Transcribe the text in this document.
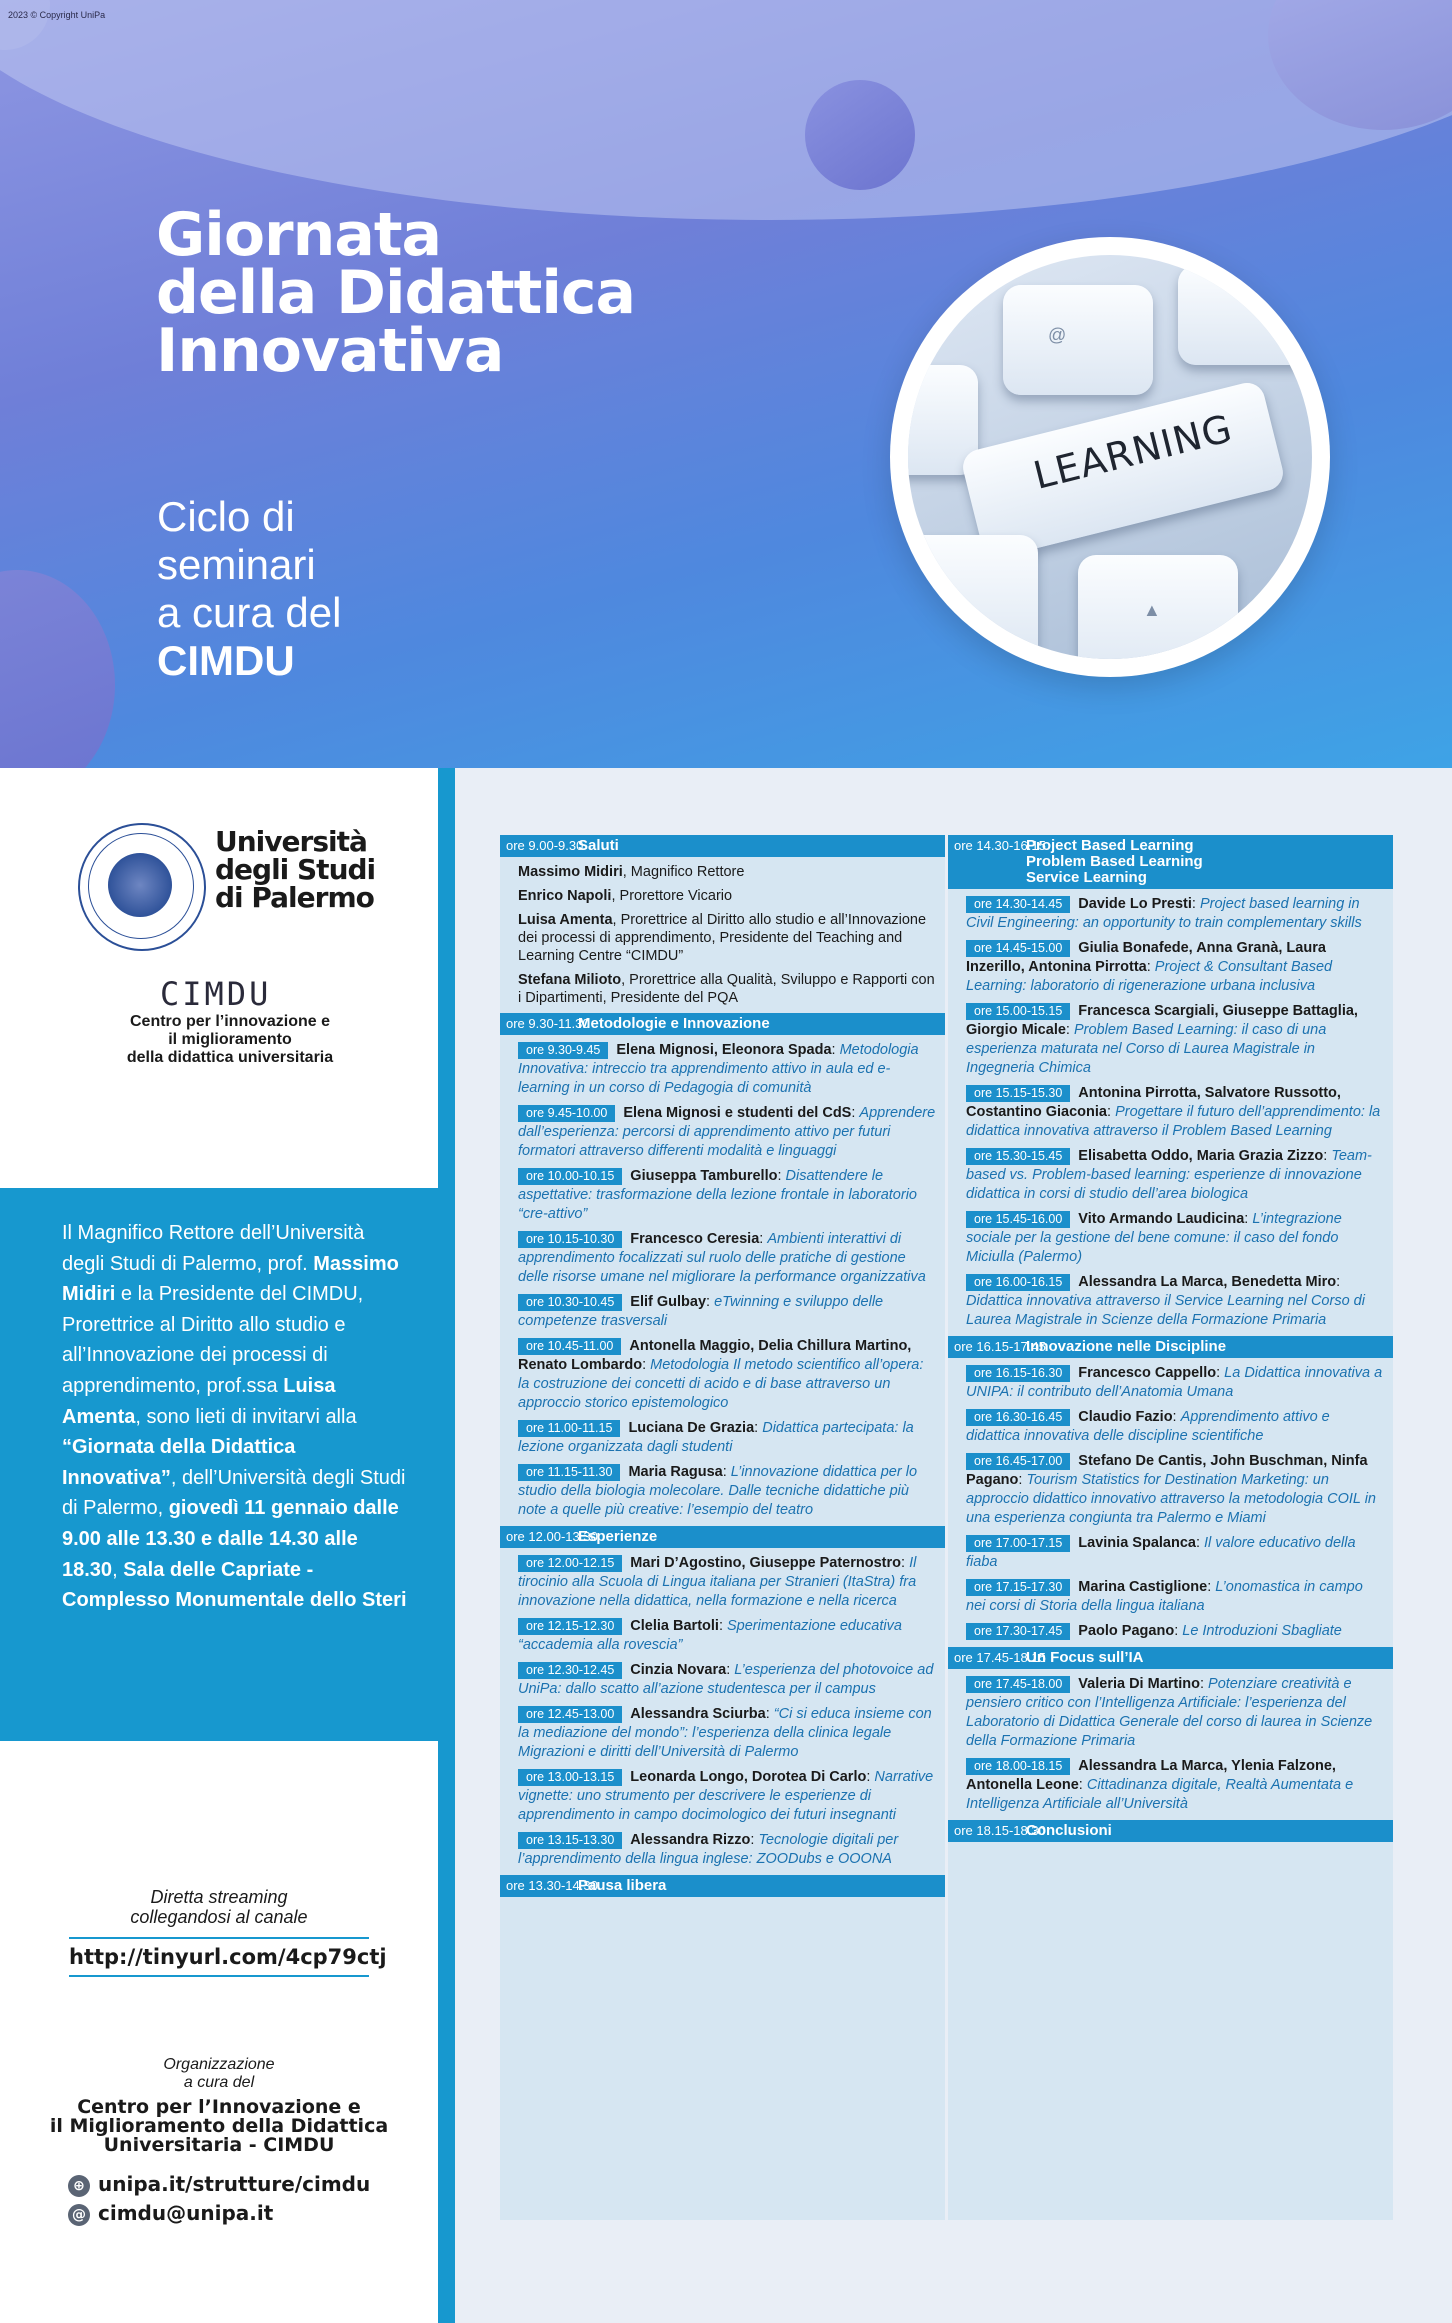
2023 © Copyright UniPa
Giornata
della Didattica
Innovativa
Ciclo di
seminari
a cura del
CIMDU
@
▲
LEARNING
Università
degli Studi
di Palermo
CIMDU
Centro per l’innovazione e
il miglioramento
della didattica universitaria

Il Magnifico Rettore dell’Università degli Studi di Palermo, prof. Massimo Midiri e la Presidente del CIMDU, Prorettrice al Diritto allo studio e all’Innovazione dei processi di apprendimento, prof.ssa Luisa Amenta, sono lieti di invitarvi alla “Giornata della Didattica Innovativa”, dell’Università degli Studi di Palermo, giovedì 11 gennaio dalle 9.00 alle 13.30 e dalle 14.30 alle 18.30, Sala delle Capriate - Complesso Monumentale dello Steri

Diretta streaming
collegandosi al canale
http://tinyurl.com/4cp79ctj
Organizzazione
a cura del
Centro per l’Innovazione e
il Miglioramento della Didattica
Universitaria - CIMDU
⊕ unipa.it/strutture/cimdu
@ cimdu@unipa.it
ore 9.00-9.30
Saluti
Massimo Midiri, Magnifico Rettore
Enrico Napoli, Prorettore Vicario
Luisa Amenta, Prorettrice al Diritto allo studio e all’Innovazione dei processi di apprendimento, Presidente del Teaching and Learning Centre “CIMDU”
Stefana Milioto, Prorettrice alla Qualità, Sviluppo e Rapporti con i Dipartimenti, Presidente del PQA
ore 9.30-11.30
Metodologie e Innovazione
ore 9.30-9.45 Elena Mignosi, Eleonora Spada: Metodologia Innovativa: intreccio tra apprendimento attivo in aula ed e-learning in un corso di Pedagogia di comunità
ore 9.45-10.00 Elena Mignosi e studenti del CdS: Apprendere dall’esperienza: percorsi di apprendimento attivo per futuri formatori attraverso differenti modalità e linguaggi
ore 10.00-10.15 Giuseppa Tamburello: Disattendere le aspettative: trasformazione della lezione frontale in laboratorio “cre-attivo”
ore 10.15-10.30 Francesco Ceresia: Ambienti interattivi di apprendimento focalizzati sul ruolo delle pratiche di gestione delle risorse umane nel migliorare la performance organizzativa
ore 10.30-10.45 Elif Gulbay: eTwinning e sviluppo delle competenze trasversali
ore 10.45-11.00 Antonella Maggio, Delia Chillura Martino, Renato Lombardo: Metodologia Il metodo scientifico all’opera: la costruzione dei concetti di acido e di base attraverso un approccio storico epistemologico
ore 11.00-11.15 Luciana De Grazia: Didattica partecipata: la lezione organizzata dagli studenti
ore 11.15-11.30 Maria Ragusa: L’innovazione didattica per lo studio della biologia molecolare. Dalle tecniche didattiche più note a quelle più creative: l’esempio del teatro
ore 12.00-13.30
Esperienze
ore 12.00-12.15 Mari D’Agostino, Giuseppe Paternostro: Il tirocinio alla Scuola di Lingua italiana per Stranieri (ItaStra) fra innovazione nella didattica, nella formazione e nella ricerca
ore 12.15-12.30 Clelia Bartoli: Sperimentazione educativa “accademia alla rovescia”
ore 12.30-12.45 Cinzia Novara: L’esperienza del photovoice ad UniPa: dallo scatto all’azione studentesca per il campus
ore 12.45-13.00 Alessandra Sciurba: “Ci si educa insieme con la mediazione del mondo”: l’esperienza della clinica legale Migrazioni e diritti dell’Università di Palermo
ore 13.00-13.15 Leonarda Longo, Dorotea Di Carlo: Narrative vignette: uno strumento per descrivere le esperienze di apprendimento in campo docimologico dei futuri insegnanti
ore 13.15-13.30 Alessandra Rizzo: Tecnologie digitali per l’apprendimento della lingua inglese: ZOODubs e OOONA
ore 13.30-14.30
Pausa libera
ore 14.30-16.15
Project Based Learning
Problem Based Learning
Service Learning
ore 14.30-14.45 Davide Lo Presti: Project based learning in Civil Engineering: an opportunity to train complementary skills
ore 14.45-15.00 Giulia Bonafede, Anna Granà, Laura Inzerillo, Antonina Pirrotta: Project & Consultant Based Learning: laboratorio di rigenerazione urbana inclusiva
ore 15.00-15.15 Francesca Scargiali, Giuseppe Battaglia, Giorgio Micale: Problem Based Learning: il caso di una esperienza maturata nel Corso di Laurea Magistrale in Ingegneria Chimica
ore 15.15-15.30 Antonina Pirrotta, Salvatore Russotto, Costantino Giaconia: Progettare il futuro dell’apprendimento: la didattica innovativa attraverso il Problem Based Learning
ore 15.30-15.45 Elisabetta Oddo, Maria Grazia Zizzo: Team-based vs. Problem-based learning: esperienze di innovazione didattica in corsi di studio dell’area biologica
ore 15.45-16.00 Vito Armando Laudicina: L’integrazione sociale per la gestione del bene comune: il caso del fondo Miciulla (Palermo)
ore 16.00-16.15 Alessandra La Marca, Benedetta Miro: Didattica innovativa attraverso il Service Learning nel Corso di Laurea Magistrale in Scienze della Formazione Primaria
ore 16.15-17.45
Innovazione nelle Discipline
ore 16.15-16.30 Francesco Cappello: La Didattica innovativa a UNIPA: il contributo dell’Anatomia Umana
ore 16.30-16.45 Claudio Fazio: Apprendimento attivo e didattica innovativa delle discipline scientifiche
ore 16.45-17.00 Stefano De Cantis, John Buschman, Ninfa Pagano: Tourism Statistics for Destination Marketing: un approccio didattico innovativo attraverso la metodologia COIL in una esperienza congiunta tra Palermo e Miami
ore 17.00-17.15 Lavinia Spalanca: Il valore educativo della fiaba
ore 17.15-17.30 Marina Castiglione: L’onomastica in campo nei corsi di Storia della lingua italiana
ore 17.30-17.45 Paolo Pagano: Le Introduzioni Sbagliate
ore 17.45-18.15
Un Focus sull’IA
ore 17.45-18.00 Valeria Di Martino: Potenziare creatività e pensiero critico con l’Intelligenza Artificiale: l’esperienza del Laboratorio di Didattica Generale del corso di laurea in Scienze della Formazione Primaria
ore 18.00-18.15 Alessandra La Marca, Ylenia Falzone, Antonella Leone: Cittadinanza digitale, Realtà Aumentata e Intelligenza Artificiale all’Università
ore 18.15-18.30
Conclusioni
